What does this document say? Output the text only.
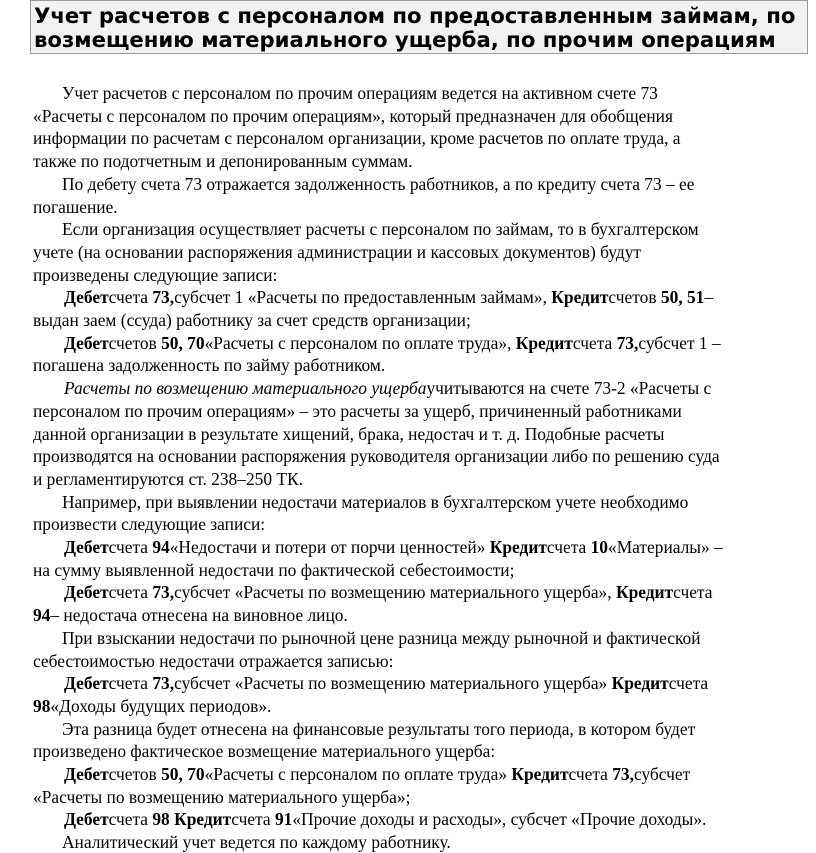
Учет расчетов с персоналом по предоставленным займам, по
возмещению материального ущерба, по прочим операциям
Учет расчетов с персоналом по прочим операциям ведется на активном счете 73
«Расчеты с персоналом по прочим операциям», который предназначен для обобщения
информации по расчетам с персоналом организации, кроме расчетов по оплате труда, а
также по подотчетным и депонированным суммам.
По дебету счета 73 отражается задолженность работников, а по кредиту счета 73 – ее
погашение.
Если организация осуществляет расчеты с персоналом по займам, то в бухгалтерском
учете (на основании распоряжения администрации и кассовых документов) будут
произведены следующие записи:
Дебетсчета 73,субсчет 1 «Расчеты по предоставленным займам», Кредитсчетов 50, 51–
выдан заем (ссуда) работнику за счет средств организации;
Дебетсчетов 50, 70«Расчеты с персоналом по оплате труда», Кредитсчета 73,субсчет 1 –
погашена задолженность по займу работником.
Расчеты по возмещению материального ущербаучитываются на счете 73-2 «Расчеты с
персоналом по прочим операциям» – это расчеты за ущерб, причиненный работниками
данной организации в результате хищений, брака, недостач и т. д. Подобные расчеты
производятся на основании распоряжения руководителя организации либо по решению суда
и регламентируются ст. 238–250 ТК.
Например, при выявлении недостачи материалов в бухгалтерском учете необходимо
произвести следующие записи:
Дебетсчета 94«Недостачи и потери от порчи ценностей» Кредитсчета 10«Материалы» –
на сумму выявленной недостачи по фактической себестоимости;
Дебетсчета 73,субсчет «Расчеты по возмещению материального ущерба», Кредитсчета
94– недостача отнесена на виновное лицо.
При взыскании недостачи по рыночной цене разница между рыночной и фактической
себестоимостью недостачи отражается записью:
Дебетсчета 73,субсчет «Расчеты по возмещению материального ущерба» Кредитсчета
98«Доходы будущих периодов».
Эта разница будет отнесена на финансовые результаты того периода, в котором будет
произведено фактическое возмещение материального ущерба:
Дебетсчетов 50, 70«Расчеты с персоналом по оплате труда» Кредитсчета 73,субсчет
«Расчеты по возмещению материального ущерба»;
Дебетсчета 98 Кредитсчета 91«Прочие доходы и расходы», субсчет «Прочие доходы».
Аналитический учет ведется по каждому работнику.
